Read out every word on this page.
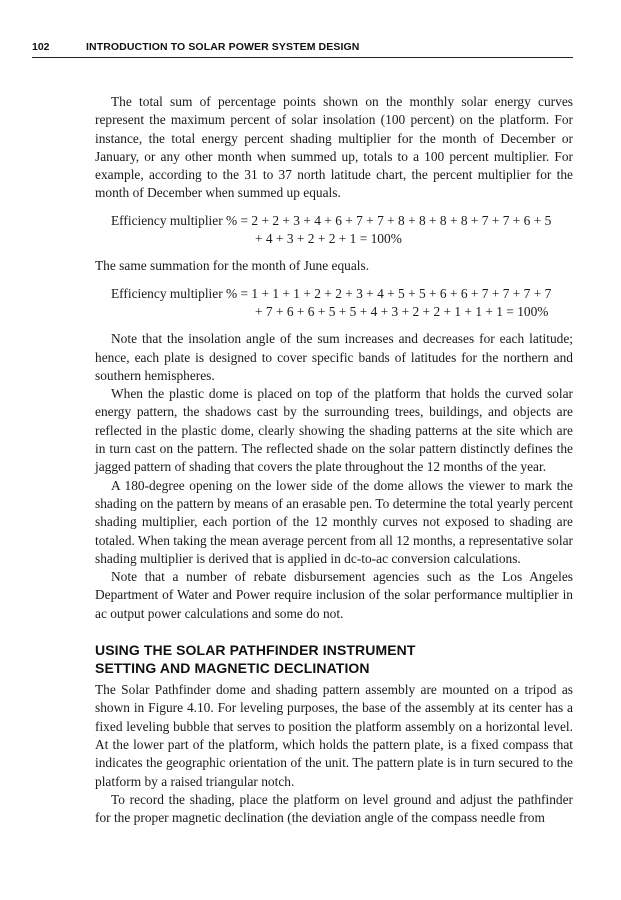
102	INTRODUCTION TO SOLAR POWER SYSTEM DESIGN

The total sum of percentage points shown on the monthly solar energy curves represent the maximum percent of solar insolation (100 percent) on the platform. For instance, the total energy percent shading multiplier for the month of December or January, or any other month when summed up, totals to a 100 percent multiplier. For example, according to the 31 to 37 north latitude chart, the percent multiplier for the month of December when summed up equals.

Efficiency multiplier % = 2 + 2 + 3 + 4 + 6 + 7 + 7 + 8 + 8 + 8 + 8 + 7 + 7 + 6 + 5
+ 4 + 3 + 2 + 2 + 1 = 100%

The same summation for the month of June equals.

Efficiency multiplier % = 1 + 1 + 1 + 2 + 2 + 3 + 4 + 5 + 5 + 6 + 6 + 7 + 7 + 7 + 7
+ 7 + 6 + 6 + 5 + 5 + 4 + 3 + 2 + 2 + 1 + 1 + 1 = 100%

Note that the insolation angle of the sum increases and decreases for each latitude; hence, each plate is designed to cover specific bands of latitudes for the northern and southern hemispheres.

When the plastic dome is placed on top of the platform that holds the curved solar energy pattern, the shadows cast by the surrounding trees, buildings, and objects are reflected in the plastic dome, clearly showing the shading patterns at the site which are in turn cast on the pattern. The reflected shade on the solar pattern distinctly defines the jagged pattern of shading that covers the plate throughout the 12 months of the year.

A 180-degree opening on the lower side of the dome allows the viewer to mark the shading on the pattern by means of an erasable pen. To determine the total yearly percent shading multiplier, each portion of the 12 monthly curves not exposed to shading are totaled. When taking the mean average percent from all 12 months, a representative solar shading multiplier is derived that is applied in dc-to-ac conversion calculations.

Note that a number of rebate disbursement agencies such as the Los Angeles Department of Water and Power require inclusion of the solar performance multiplier in ac output power calculations and some do not.

USING THE SOLAR PATHFINDER INSTRUMENT
SETTING AND MAGNETIC DECLINATION

The Solar Pathfinder dome and shading pattern assembly are mounted on a tripod as shown in Figure 4.10. For leveling purposes, the base of the assembly at its center has a fixed leveling bubble that serves to position the platform assembly on a horizontal level. At the lower part of the platform, which holds the pattern plate, is a fixed compass that indicates the geographic orientation of the unit. The pattern plate is in turn secured to the platform by a raised triangular notch.

To record the shading, place the platform on level ground and adjust the pathfinder for the proper magnetic declination (the deviation angle of the compass needle from
